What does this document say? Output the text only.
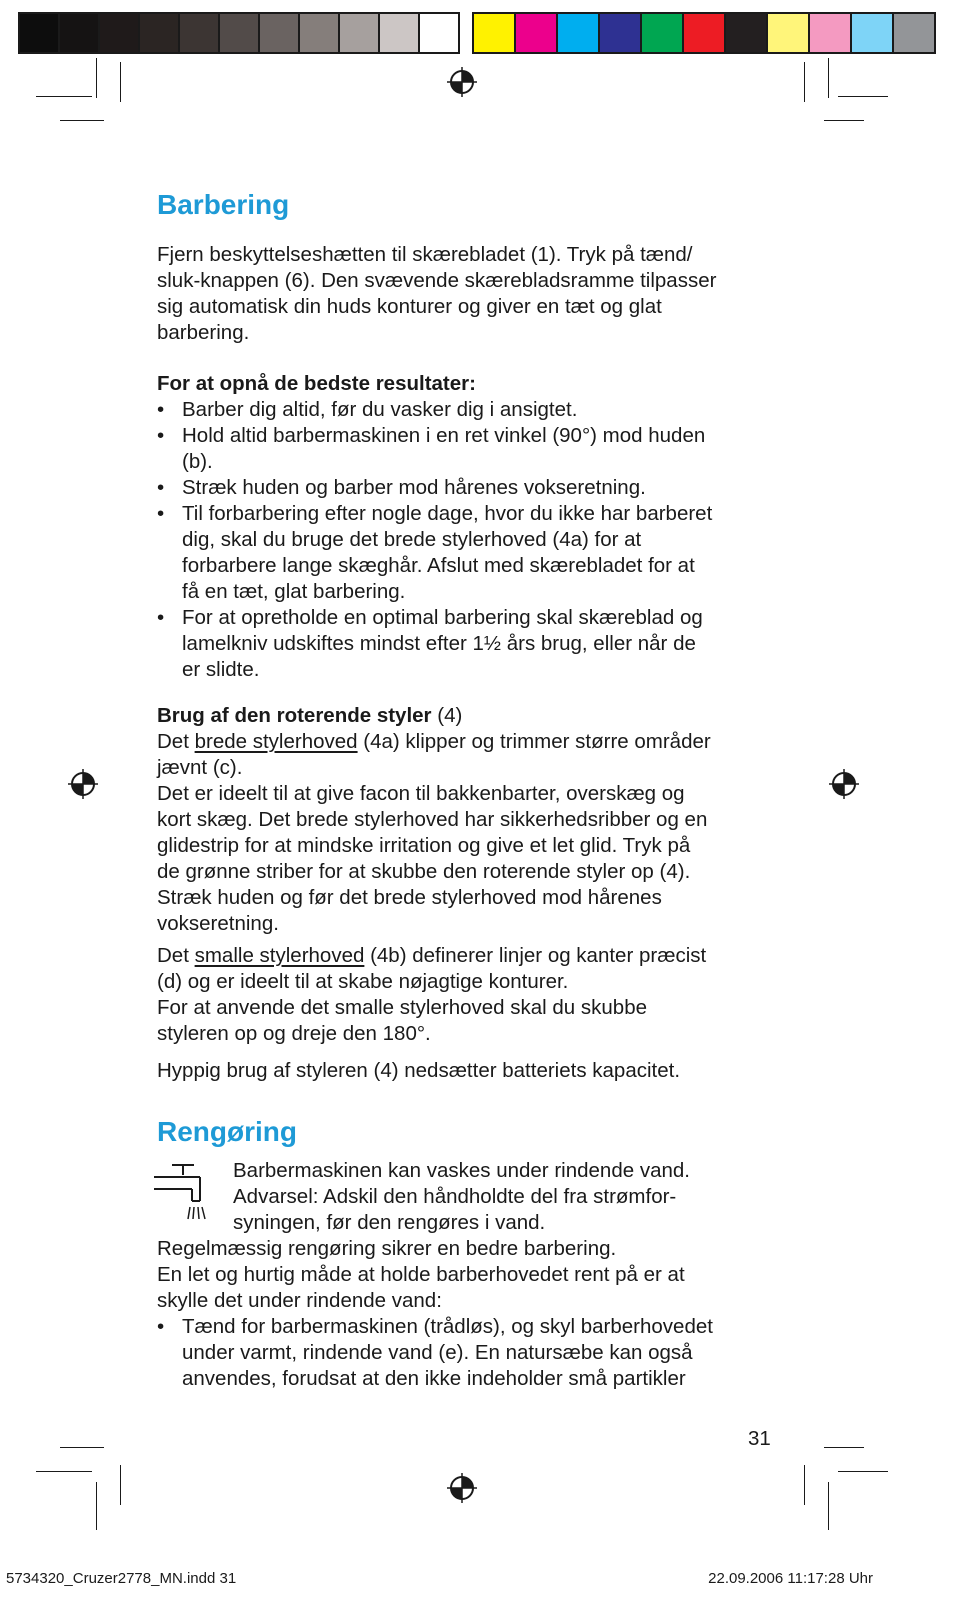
Barbering
Fjern beskyttelseshætten til skærebladet (1). Tryk på tænd/
sluk-knappen (6). Den svævende skærebladsramme tilpasser
sig automatisk din huds konturer og giver en tæt og glat
barbering.
For at opnå de bedste resultater:
• Barber dig altid, før du vasker dig i ansigtet.
• Hold altid barbermaskinen i en ret vinkel (90°) mod huden
(b).
• Stræk huden og barber mod hårenes vokseretning.
• Til forbarbering efter nogle dage, hvor du ikke har barberet
dig, skal du bruge det brede stylerhoved (4a) for at
forbarbere lange skæghår. Afslut med skærebladet for at
få en tæt, glat barbering.
• For at opretholde en optimal barbering skal skæreblad og
lamelkniv udskiftes mindst efter 1½ års brug, eller når de
er slidte.
Brug af den roterende styler (4)
Det brede stylerhoved (4a) klipper og trimmer større områder
jævnt (c).
Det er ideelt til at give facon til bakkenbarter, overskæg og
kort skæg. Det brede stylerhoved har sikkerhedsribber og en
glidestrip for at mindske irritation og give et let glid. Tryk på
de grønne striber for at skubbe den roterende styler op (4).
Stræk huden og før det brede stylerhoved mod hårenes
vokseretning.
Det smalle stylerhoved (4b) definerer linjer og kanter præcist
(d) og er ideelt til at skabe nøjagtige konturer.
For at anvende det smalle stylerhoved skal du skubbe
styleren op og dreje den 180°.
Hyppig brug af styleren (4) nedsætter batteriets kapacitet.
Rengøring
Barbermaskinen kan vaskes under rindende vand.
Advarsel: Adskil den håndholdte del fra strømfor-
syningen, før den rengøres i vand.
Regelmæssig rengøring sikrer en bedre barbering.
En let og hurtig måde at holde barberhovedet rent på er at
skylle det under rindende vand:
• Tænd for barbermaskinen (trådløs), og skyl barberhovedet
under varmt, rindende vand (e). En natursæbe kan også
anvendes, forudsat at den ikke indeholder små partikler
31
5734320_Cruzer2778_MN.indd 31	22.09.2006 11:17:28 Uhr
